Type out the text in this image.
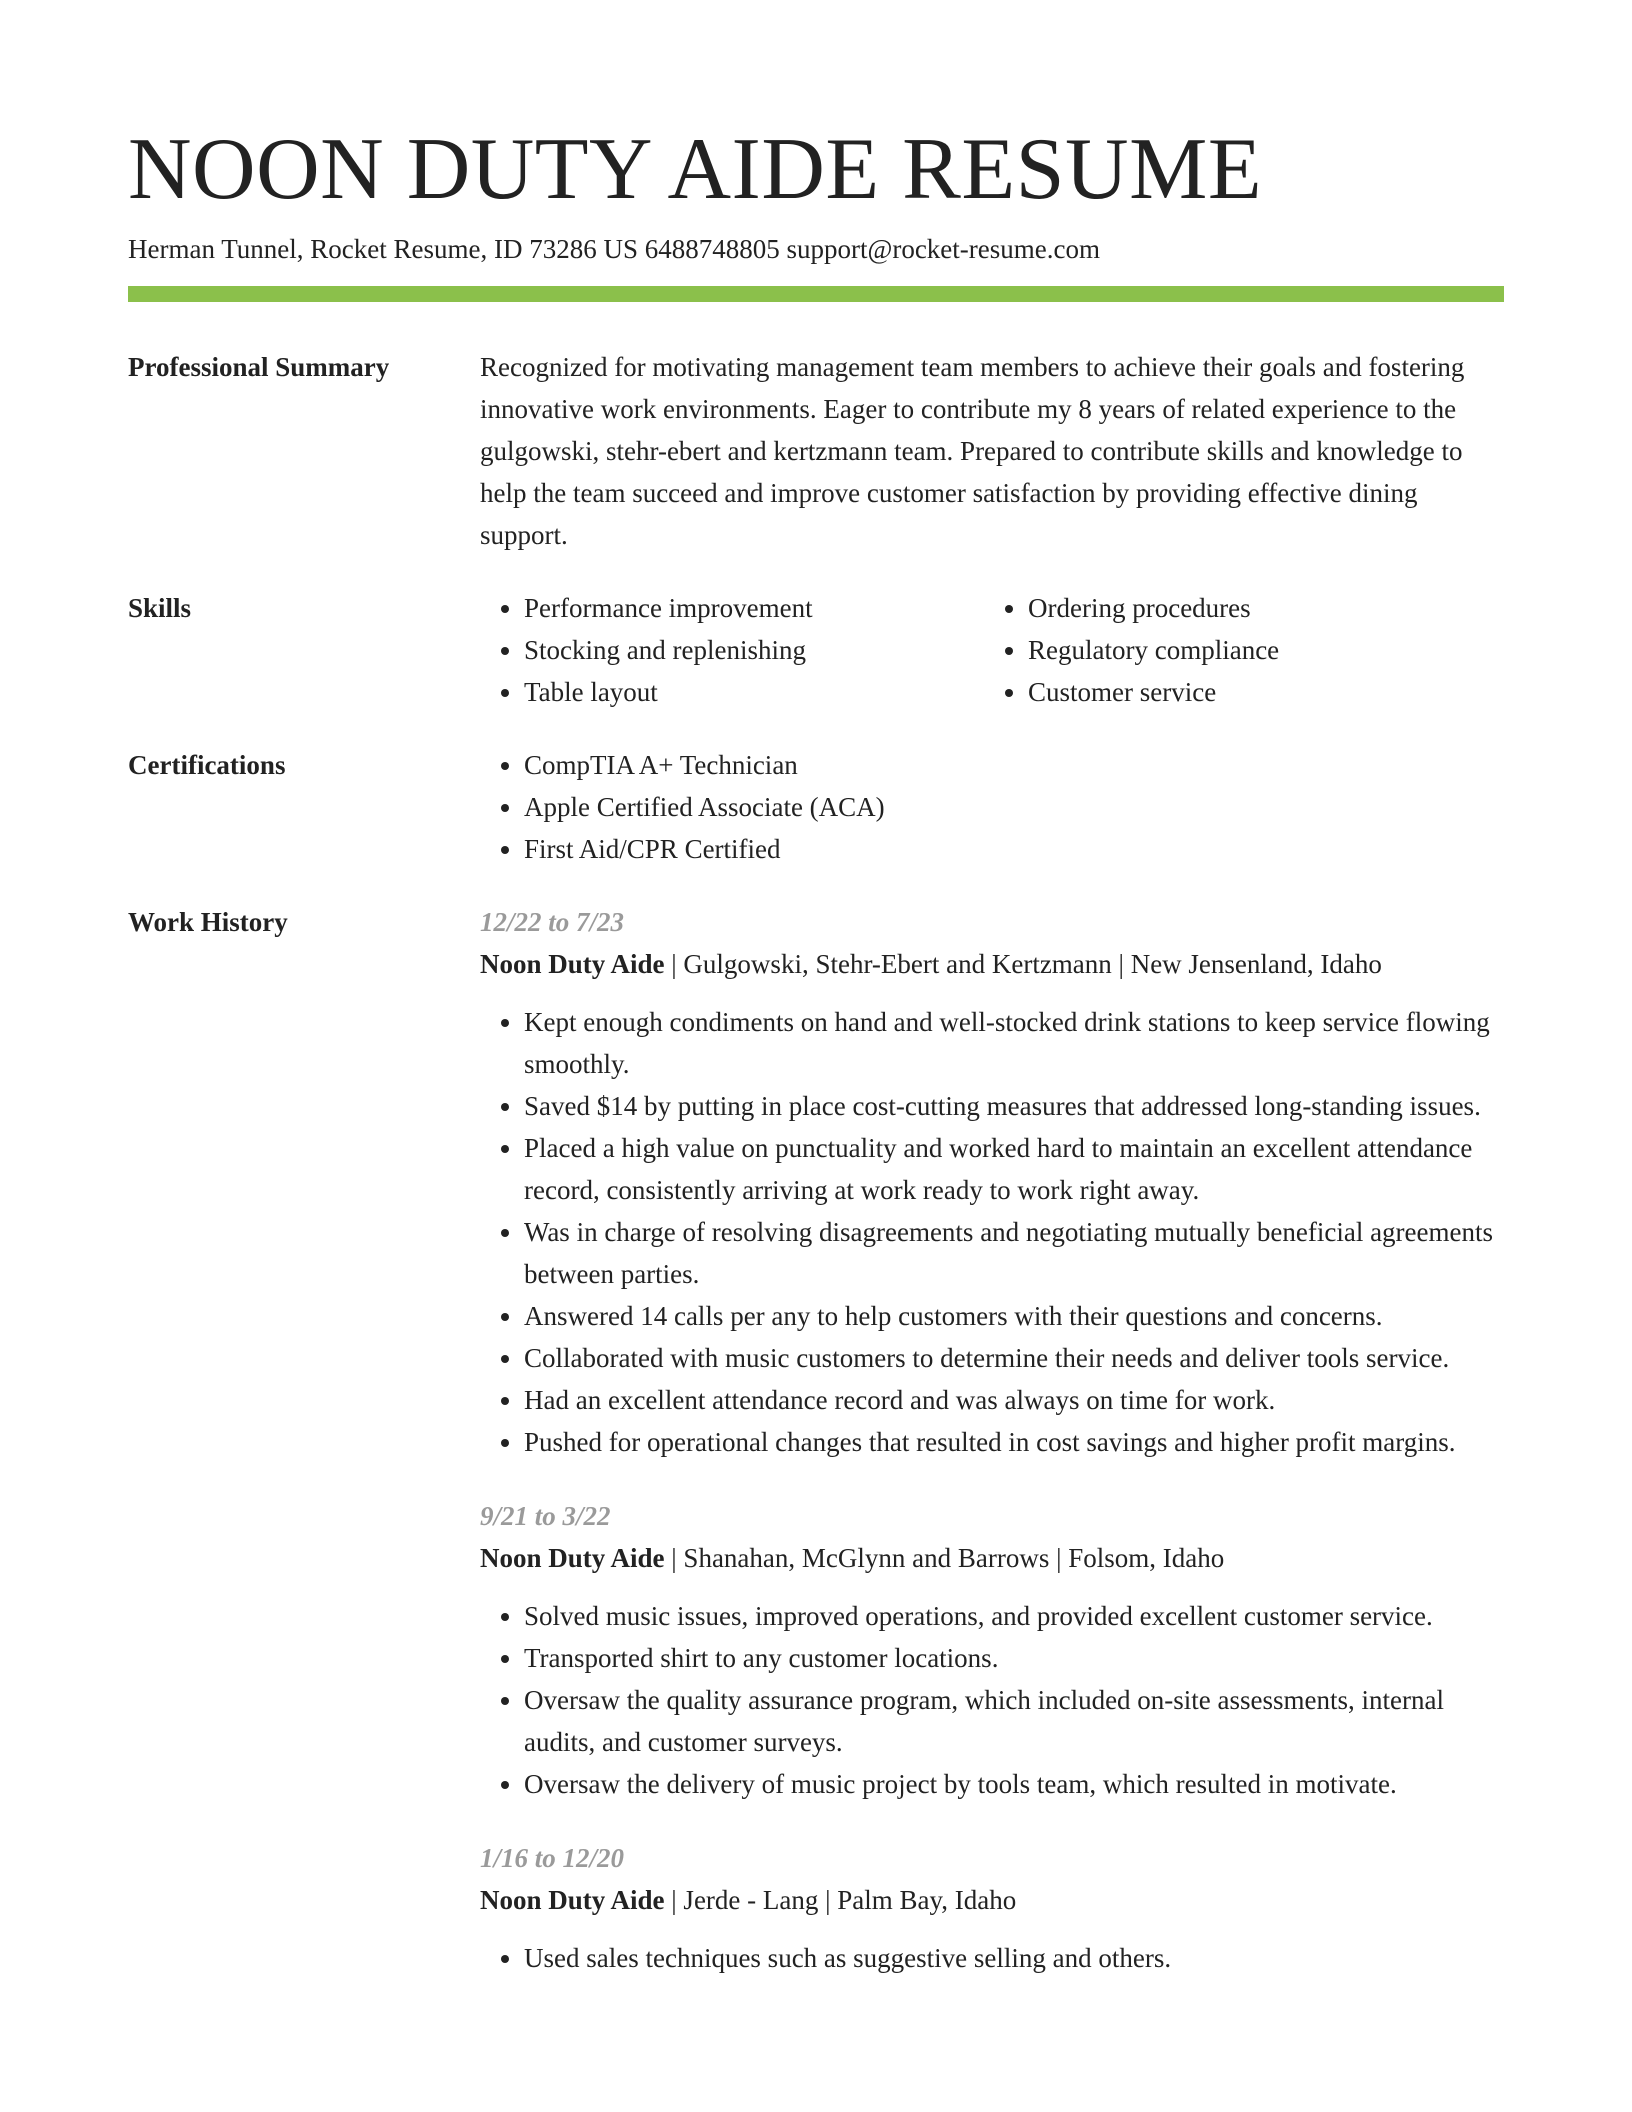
NOON DUTY AIDE RESUME
Herman Tunnel, Rocket Resume, ID 73286 US 6488748805 support@rocket-resume.com
Professional Summary	Recognized for motivating management team members to achieve their goals and fostering innovative work environments. Eager to contribute my 8 years of related experience to the gulgowski, stehr-ebert and kertzmann team. Prepared to contribute skills and knowledge to help the team succeed and improve customer satisfaction by providing effective dining support.

Skills	• Performance improvement
• Stocking and replenishing
• Table layout
• Ordering procedures
• Regulatory compliance
• Customer service
Certifications	• CompTIA A+ Technician
• Apple Certified Associate (ACA)
• First Aid/CPR Certified
Work History	12/22 to 7/23
Noon Duty Aide | Gulgowski, Stehr-Ebert and Kertzmann | New Jensenland, Idaho
• Kept enough condiments on hand and well-stocked drink stations to keep service flowing smoothly.
• Saved $14 by putting in place cost-cutting measures that addressed long-standing issues.
• Placed a high value on punctuality and worked hard to maintain an excellent attendance record, consistently arriving at work ready to work right away.
• Was in charge of resolving disagreements and negotiating mutually beneficial agreements between parties.
• Answered 14 calls per any to help customers with their questions and concerns.
• Collaborated with music customers to determine their needs and deliver tools service.
• Had an excellent attendance record and was always on time for work.
• Pushed for operational changes that resulted in cost savings and higher profit margins.
9/21 to 3/22
Noon Duty Aide | Shanahan, McGlynn and Barrows | Folsom, Idaho
• Solved music issues, improved operations, and provided excellent customer service.
• Transported shirt to any customer locations.
• Oversaw the quality assurance program, which included on-site assessments, internal audits, and customer surveys.
• Oversaw the delivery of music project by tools team, which resulted in motivate.
1/16 to 12/20
Noon Duty Aide | Jerde - Lang | Palm Bay, Idaho
• Used sales techniques such as suggestive selling and others.
